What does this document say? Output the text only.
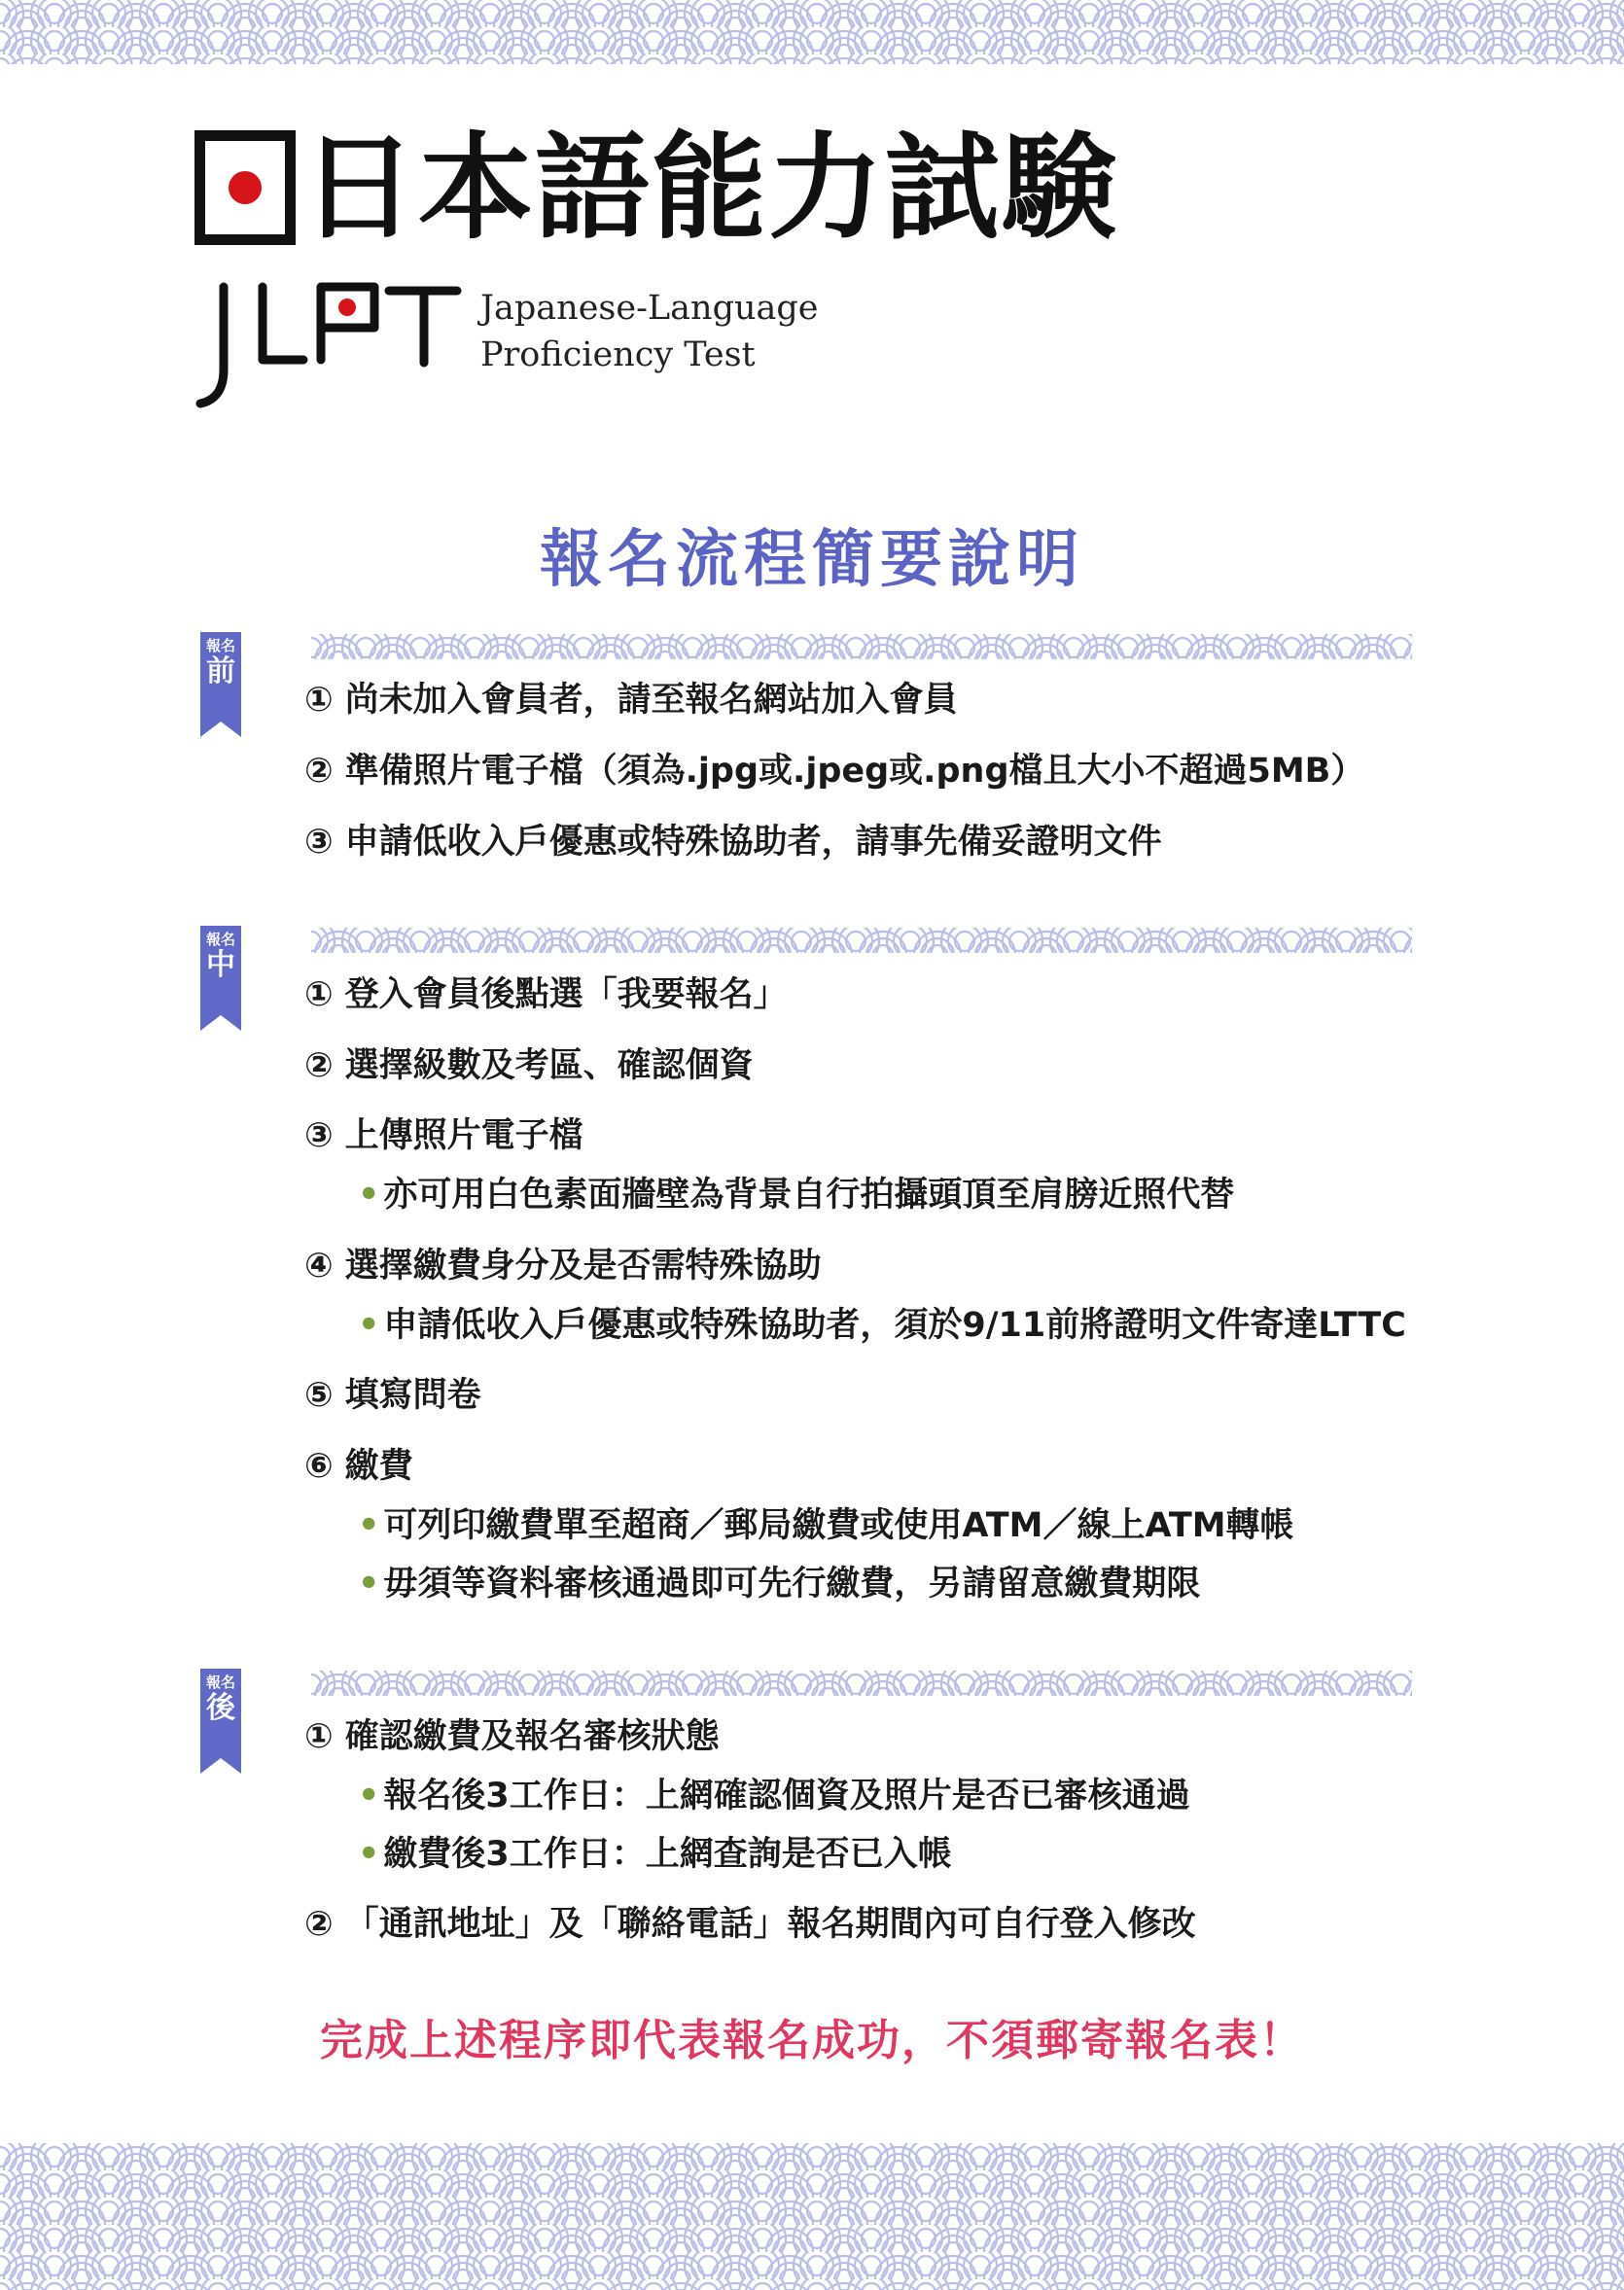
日本語能力試験
Japanese-Language
Proficiency Test
報名流程簡要說明
報名
前
① 尚未加入會員者，請至報名網站加入會員
② 準備照片電子檔（須為.jpg或.jpeg或.png檔且大小不超過5MB）
③ 申請低收入戶優惠或特殊協助者，請事先備妥證明文件
報名
中
① 登入會員後點選「我要報名」
② 選擇級數及考區、確認個資
③ 上傳照片電子檔
• 亦可用白色素面牆壁為背景自行拍攝頭頂至肩膀近照代替
④ 選擇繳費身分及是否需特殊協助
• 申請低收入戶優惠或特殊協助者，須於9/11前將證明文件寄達LTTC
⑤ 填寫問卷
⑥ 繳費
• 可列印繳費單至超商／郵局繳費或使用ATM／線上ATM轉帳
• 毋須等資料審核通過即可先行繳費，另請留意繳費期限
報名
後
① 確認繳費及報名審核狀態
• 報名後3工作日：上網確認個資及照片是否已審核通過
• 繳費後3工作日：上網查詢是否已入帳
② 「通訊地址」及「聯絡電話」報名期間內可自行登入修改
完成上述程序即代表報名成功，不須郵寄報名表！
